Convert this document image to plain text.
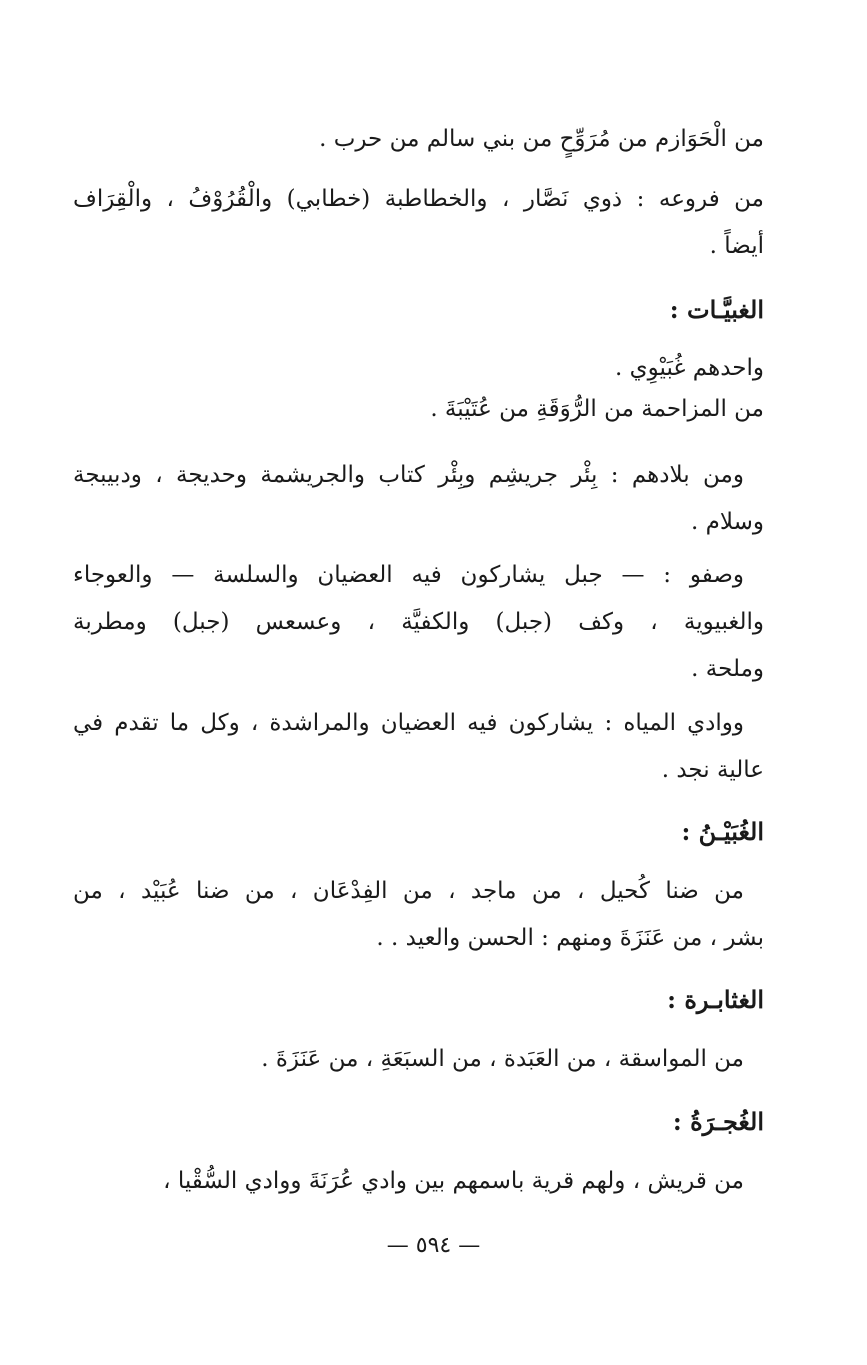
من الْحَوَازم من مُرَوِّحٍ من بني سالم من حرب .
من فروعه : ذوي نَصَّار ، والخطاطبة (خطابي) والْقُرُوْفُ ، والْقِرَاف
أيضاً .
الغبيَّـات :
واحدهم غُبَيْوِي .
من المزاحمة من الرُّوَقَةِ من عُتَيْبَةَ .
ومن بلادهم : بِئْر جريشِم وبِئْر كتاب والجريشمة وحديجة ، ودبيبجة
وسلام .
وصفو : — جبل يشاركون فيه العضيان والسلسة — والعوجاء
والغبيوية ، وكف (جبل) والكفيَّة ، وعسعس (جبل) ومطربة
وملحة .
ووادي المياه : يشاركون فيه العضيان والمراشدة ، وكل ما تقدم في
عالية نجد .
الغُبَيْـنُ :
من ضنا كُحيل ، من ماجد ، من الفِدْعَان ، من ضنا عُبَيْد ، من
بشر ، من عَنَزَةَ ومنهم : الحسن والعيد . .
الغثابـرة :
من المواسقة ، من العَبَدة ، من السبَعَةِ ، من عَنَزَةَ .
الغُجـرَةُ :
من قريش ، ولهم قرية باسمهم بين وادي عُرَنَةَ ووادي السُّقْيا ،
— ٥٩٤ —
